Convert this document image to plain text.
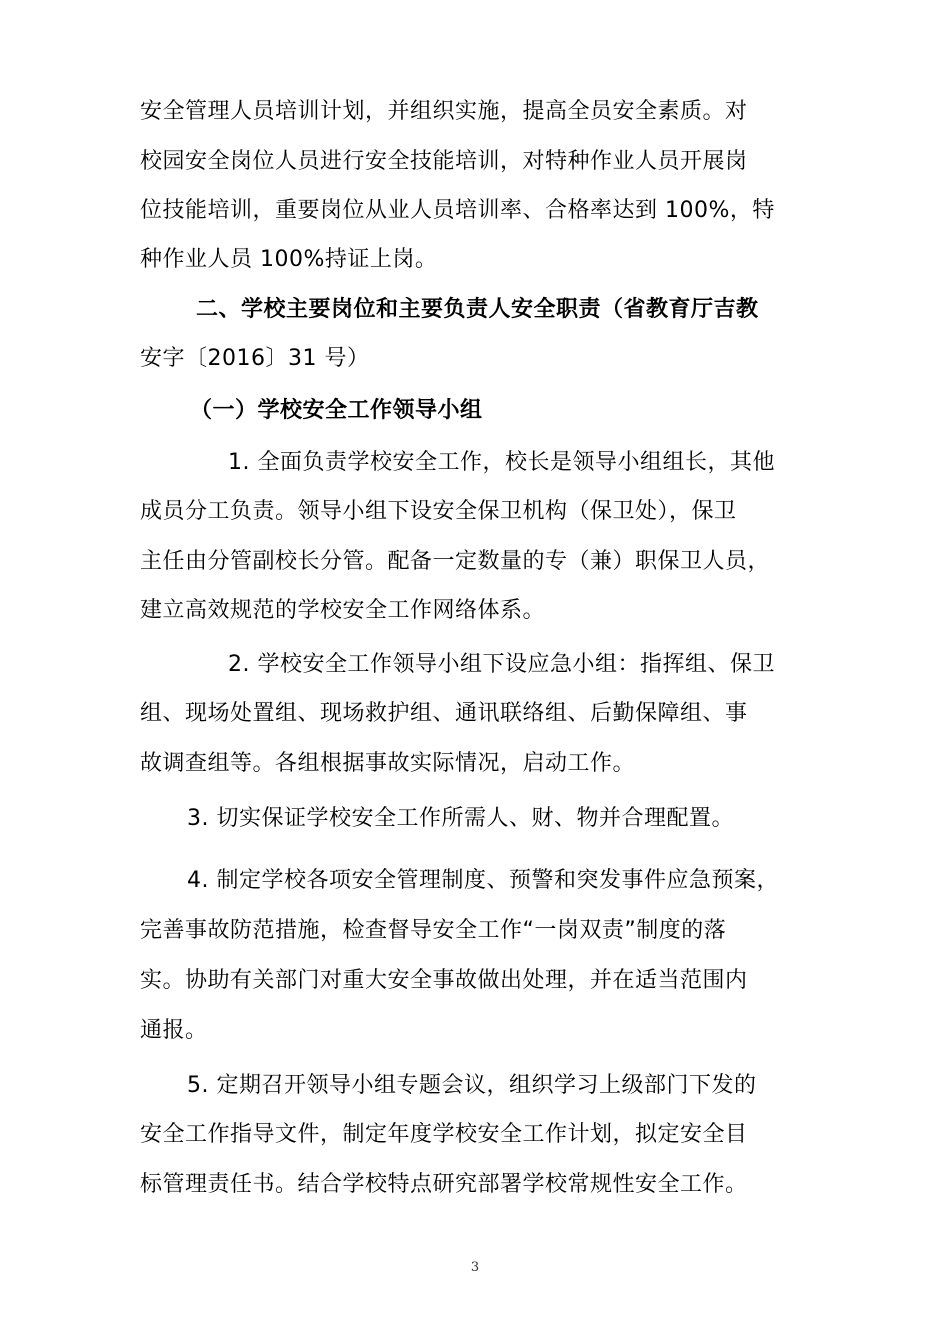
安全管理人员培训计划，并组织实施，提高全员安全素质。对
校园安全岗位人员进行安全技能培训，对特种作业人员开展岗
位技能培训，重要岗位从业人员培训率、合格率达到 100%，特
种作业人员 100%持证上岗。
二、学校主要岗位和主要负责人安全职责（省教育厅吉教
安字〔2016〕31 号）
（一）学校安全工作领导小组
1. 全面负责学校安全工作，校长是领导小组组长，其他
成员分工负责。领导小组下设安全保卫机构（保卫处），保卫
主任由分管副校长分管。配备一定数量的专（兼）职保卫人员，
建立高效规范的学校安全工作网络体系。
2. 学校安全工作领导小组下设应急小组：指挥组、保卫
组、现场处置组、现场救护组、通讯联络组、后勤保障组、事
故调查组等。各组根据事故实际情况，启动工作。
3. 切实保证学校安全工作所需人、财、物并合理配置。
4. 制定学校各项安全管理制度、预警和突发事件应急预案，
完善事故防范措施，检查督导安全工作“一岗双责”制度的落
实。协助有关部门对重大安全事故做出处理，并在适当范围内
通报。
5. 定期召开领导小组专题会议，组织学习上级部门下发的
安全工作指导文件，制定年度学校安全工作计划，拟定安全目
标管理责任书。结合学校特点研究部署学校常规性安全工作。
3
